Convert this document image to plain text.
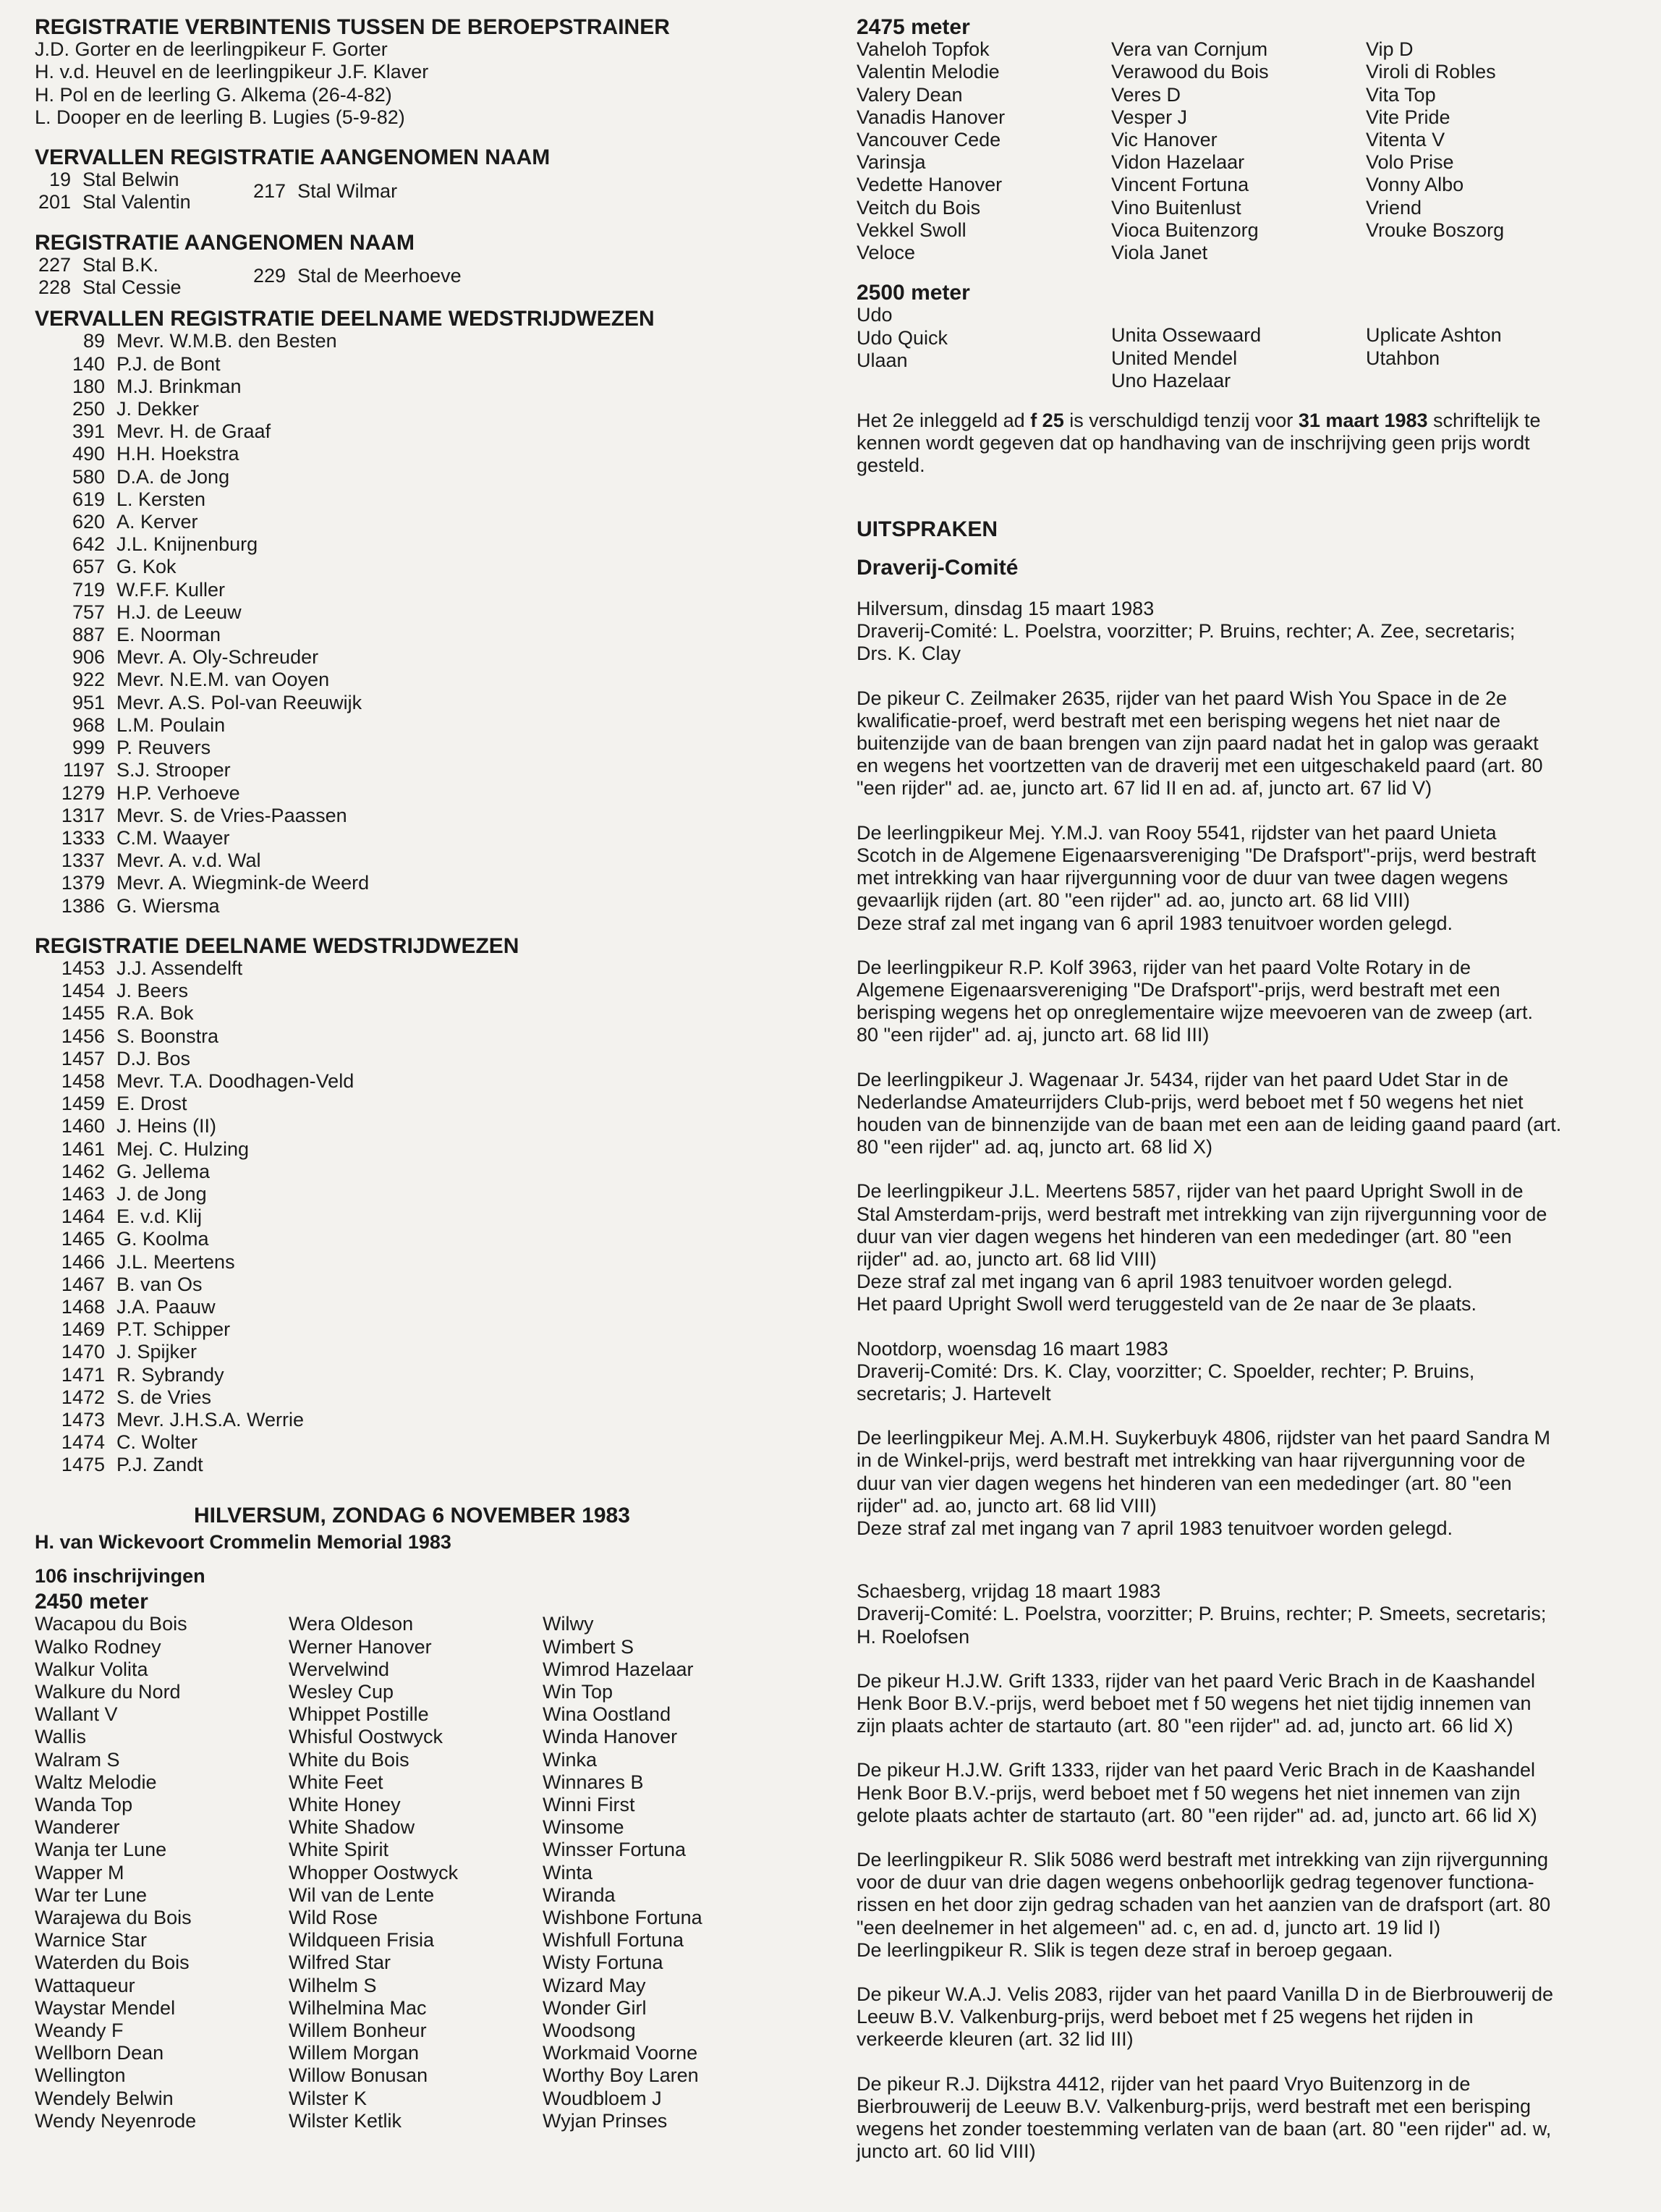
REGISTRATIE VERBINTENIS TUSSEN DE BEROEPSTRAINER
J.D. Gorter en de leerlingpikeur F. Gorter
H. v.d. Heuvel en de leerlingpikeur J.F. Klaver
H. Pol en de leerling G. Alkema (26-4-82)
L. Dooper en de leerling B. Lugies (5-9-82)
VERVALLEN REGISTRATIE AANGENOMEN NAAM
19 Stal Belwin
201 Stal Valentin
217 Stal Wilmar
REGISTRATIE AANGENOMEN NAAM
227 Stal B.K.
228 Stal Cessie
229 Stal de Meerhoeve
VERVALLEN REGISTRATIE DEELNAME WEDSTRIJDWEZEN
89 Mevr. W.M.B. den Besten
140 P.J. de Bont
180 M.J. Brinkman
250 J. Dekker
391 Mevr. H. de Graaf
490 H.H. Hoekstra
580 D.A. de Jong
619 L. Kersten
620 A. Kerver
642 J.L. Knijnenburg
657 G. Kok
719 W.F.F. Kuller
757 H.J. de Leeuw
887 E. Noorman
906 Mevr. A. Oly-Schreuder
922 Mevr. N.E.M. van Ooyen
951 Mevr. A.S. Pol-van Reeuwijk
968 L.M. Poulain
999 P. Reuvers
1197 S.J. Strooper
1279 H.P. Verhoeve
1317 Mevr. S. de Vries-Paassen
1333 C.M. Waayer
1337 Mevr. A. v.d. Wal
1379 Mevr. A. Wiegmink-de Weerd
1386 G. Wiersma
REGISTRATIE DEELNAME WEDSTRIJDWEZEN
1453 J.J. Assendelft
1454 J. Beers
1455 R.A. Bok
1456 S. Boonstra
1457 D.J. Bos
1458 Mevr. T.A. Doodhagen-Veld
1459 E. Drost
1460 J. Heins (II)
1461 Mej. C. Hulzing
1462 G. Jellema
1463 J. de Jong
1464 E. v.d. Klij
1465 G. Koolma
1466 J.L. Meertens
1467 B. van Os
1468 J.A. Paauw
1469 P.T. Schipper
1470 J. Spijker
1471 R. Sybrandy
1472 S. de Vries
1473 Mevr. J.H.S.A. Werrie
1474 C. Wolter
1475 P.J. Zandt
HILVERSUM, ZONDAG 6 NOVEMBER 1983
H. van Wickevoort Crommelin Memorial 1983
106 inschrijvingen
2450 meter
Wacapou du Bois
Walko Rodney
Walkur Volita
Walkure du Nord
Wallant V
Wallis
Walram S
Waltz Melodie
Wanda Top
Wanderer
Wanja ter Lune
Wapper M
War ter Lune
Warajewa du Bois
Warnice Star
Waterden du Bois
Wattaqueur
Waystar Mendel
Weandy F
Wellborn Dean
Wellington
Wendely Belwin
Wendy Neyenrode
Wera Oldeson
Werner Hanover
Wervelwind
Wesley Cup
Whippet Postille
Whisful Oostwyck
White du Bois
White Feet
White Honey
White Shadow
White Spirit
Whopper Oostwyck
Wil van de Lente
Wild Rose
Wildqueen Frisia
Wilfred Star
Wilhelm S
Wilhelmina Mac
Willem Bonheur
Willem Morgan
Willow Bonusan
Wilster K
Wilster Ketlik
Wilwy
Wimbert S
Wimrod Hazelaar
Win Top
Wina Oostland
Winda Hanover
Winka
Winnares B
Winni First
Winsome
Winsser Fortuna
Winta
Wiranda
Wishbone Fortuna
Wishfull Fortuna
Wisty Fortuna
Wizard May
Wonder Girl
Woodsong
Workmaid Voorne
Worthy Boy Laren
Woudbloem J
Wyjan Prinses
2475 meter
Vaheloh Topfok
Valentin Melodie
Valery Dean
Vanadis Hanover
Vancouver Cede
Varinsja
Vedette Hanover
Veitch du Bois
Vekkel Swoll
Veloce
Vera van Cornjum
Verawood du Bois
Veres D
Vesper J
Vic Hanover
Vidon Hazelaar
Vincent Fortuna
Vino Buitenlust
Vioca Buitenzorg
Viola Janet
Vip D
Viroli di Robles
Vita Top
Vite Pride
Vitenta V
Volo Prise
Vonny Albo
Vriend
Vrouke Boszorg
2500 meter
Udo
Udo Quick
Ulaan
Unita Ossewaard
United Mendel
Uno Hazelaar
Uplicate Ashton
Utahbon
Het 2e inleggeld ad f 25 is verschuldigd tenzij voor 31 maart 1983 schriftelijk te
kennen wordt gegeven dat op handhaving van de inschrijving geen prijs wordt
gesteld.
UITSPRAKEN
Draverij-Comité
Hilversum, dinsdag 15 maart 1983
Draverij-Comité: L. Poelstra, voorzitter; P. Bruins, rechter; A. Zee, secretaris;
Drs. K. Clay
De pikeur C. Zeilmaker 2635, rijder van het paard Wish You Space in de 2e
kwalificatie-proef, werd bestraft met een berisping wegens het niet naar de
buitenzijde van de baan brengen van zijn paard nadat het in galop was geraakt
en wegens het voortzetten van de draverij met een uitgeschakeld paard (art. 80
"een rijder" ad. ae, juncto art. 67 lid II en ad. af, juncto art. 67 lid V)
De leerlingpikeur Mej. Y.M.J. van Rooy 5541, rijdster van het paard Unieta
Scotch in de Algemene Eigenaarsvereniging "De Drafsport"-prijs, werd bestraft
met intrekking van haar rijvergunning voor de duur van twee dagen wegens
gevaarlijk rijden (art. 80 "een rijder" ad. ao, juncto art. 68 lid VIII)
Deze straf zal met ingang van 6 april 1983 tenuitvoer worden gelegd.
De leerlingpikeur R.P. Kolf 3963, rijder van het paard Volte Rotary in de
Algemene Eigenaarsvereniging "De Drafsport"-prijs, werd bestraft met een
berisping wegens het op onreglementaire wijze meevoeren van de zweep (art.
80 "een rijder" ad. aj, juncto art. 68 lid III)
De leerlingpikeur J. Wagenaar Jr. 5434, rijder van het paard Udet Star in de
Nederlandse Amateurrijders Club-prijs, werd beboet met f 50 wegens het niet
houden van de binnenzijde van de baan met een aan de leiding gaand paard (art.
80 "een rijder" ad. aq, juncto art. 68 lid X)
De leerlingpikeur J.L. Meertens 5857, rijder van het paard Upright Swoll in de
Stal Amsterdam-prijs, werd bestraft met intrekking van zijn rijvergunning voor de
duur van vier dagen wegens het hinderen van een mededinger (art. 80 "een
rijder" ad. ao, juncto art. 68 lid VIII)
Deze straf zal met ingang van 6 april 1983 tenuitvoer worden gelegd.
Het paard Upright Swoll werd teruggesteld van de 2e naar de 3e plaats.
Nootdorp, woensdag 16 maart 1983
Draverij-Comité: Drs. K. Clay, voorzitter; C. Spoelder, rechter; P. Bruins,
secretaris; J. Hartevelt
De leerlingpikeur Mej. A.M.H. Suykerbuyk 4806, rijdster van het paard Sandra M
in de Winkel-prijs, werd bestraft met intrekking van haar rijvergunning voor de
duur van vier dagen wegens het hinderen van een mededinger (art. 80 "een
rijder" ad. ao, juncto art. 68 lid VIII)
Deze straf zal met ingang van 7 april 1983 tenuitvoer worden gelegd.
Schaesberg, vrijdag 18 maart 1983
Draverij-Comité: L. Poelstra, voorzitter; P. Bruins, rechter; P. Smeets, secretaris;
H. Roelofsen
De pikeur H.J.W. Grift 1333, rijder van het paard Veric Brach in de Kaashandel
Henk Boor B.V.-prijs, werd beboet met f 50 wegens het niet tijdig innemen van
zijn plaats achter de startauto (art. 80 "een rijder" ad. ad, juncto art. 66 lid X)
De pikeur H.J.W. Grift 1333, rijder van het paard Veric Brach in de Kaashandel
Henk Boor B.V.-prijs, werd beboet met f 50 wegens het niet innemen van zijn
gelote plaats achter de startauto (art. 80 "een rijder" ad. ad, juncto art. 66 lid X)
De leerlingpikeur R. Slik 5086 werd bestraft met intrekking van zijn rijvergunning
voor de duur van drie dagen wegens onbehoorlijk gedrag tegenover functiona-
rissen en het door zijn gedrag schaden van het aanzien van de drafsport (art. 80
"een deelnemer in het algemeen" ad. c, en ad. d, juncto art. 19 lid I)
De leerlingpikeur R. Slik is tegen deze straf in beroep gegaan.
De pikeur W.A.J. Velis 2083, rijder van het paard Vanilla D in de Bierbrouwerij de
Leeuw B.V. Valkenburg-prijs, werd beboet met f 25 wegens het rijden in
verkeerde kleuren (art. 32 lid III)
De pikeur R.J. Dijkstra 4412, rijder van het paard Vryo Buitenzorg in de
Bierbrouwerij de Leeuw B.V. Valkenburg-prijs, werd bestraft met een berisping
wegens het zonder toestemming verlaten van de baan (art. 80 "een rijder" ad. w,
juncto art. 60 lid VIII)
